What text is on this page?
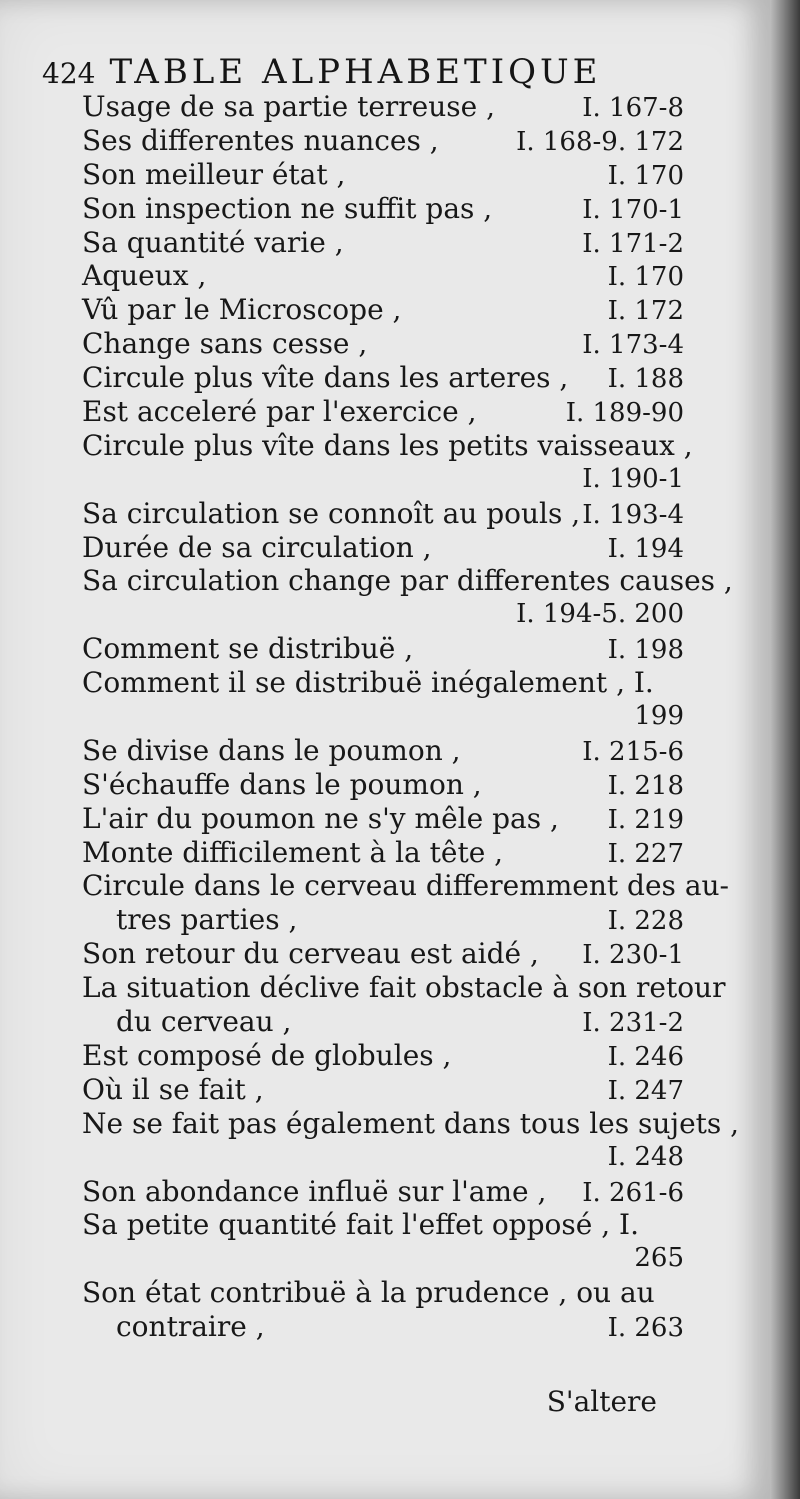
424 TABLE ALPHABETIQUE
Usage de sa partie terreuse ,	I. 167-8
Ses differentes nuances ,	I. 168-9. 172
Son meilleur état ,	I. 170
Son inspection ne suffit pas ,	I. 170-1
Sa quantité varie ,	I. 171-2
Aqueux ,	I. 170
Vû par le Microscope ,	I. 172
Change sans cesse ,	I. 173-4
Circule plus vîte dans les arteres , I. 188
Est acceleré par l'exercice ,	I. 189-90
Circule plus vîte dans les petits vaisseaux ,
I. 190-1
Sa circulation se connoît au pouls , I. 193-4
Durée de sa circulation ,	I. 194
Sa circulation change par differentes causes ,
I. 194-5. 200
Comment se distribuë ,	I. 198
Comment il se distribuë inégalement , I.
199
Se divise dans le poumon ,	I. 215-6
S'échauffe dans le poumon ,	I. 218
L'air du poumon ne s'y mêle pas , I. 219
Monte difficilement à la tête ,	I. 227
Circule dans le cerveau differemment des au-
tres parties ,	I. 228
Son retour du cerveau est aidé , I. 230-1
La situation déclive fait obstacle à son retour
du cerveau ,	I. 231-2
Est composé de globules ,	I. 246
Où il se fait ,	I. 247
Ne se fait pas également dans tous les sujets ,
I. 248
Son abondance influë sur l'ame , I. 261-6
Sa petite quantité fait l'effet opposé , I.
265
Son état contribuë à la prudence , ou au
contraire ,	I. 263
S'altere
